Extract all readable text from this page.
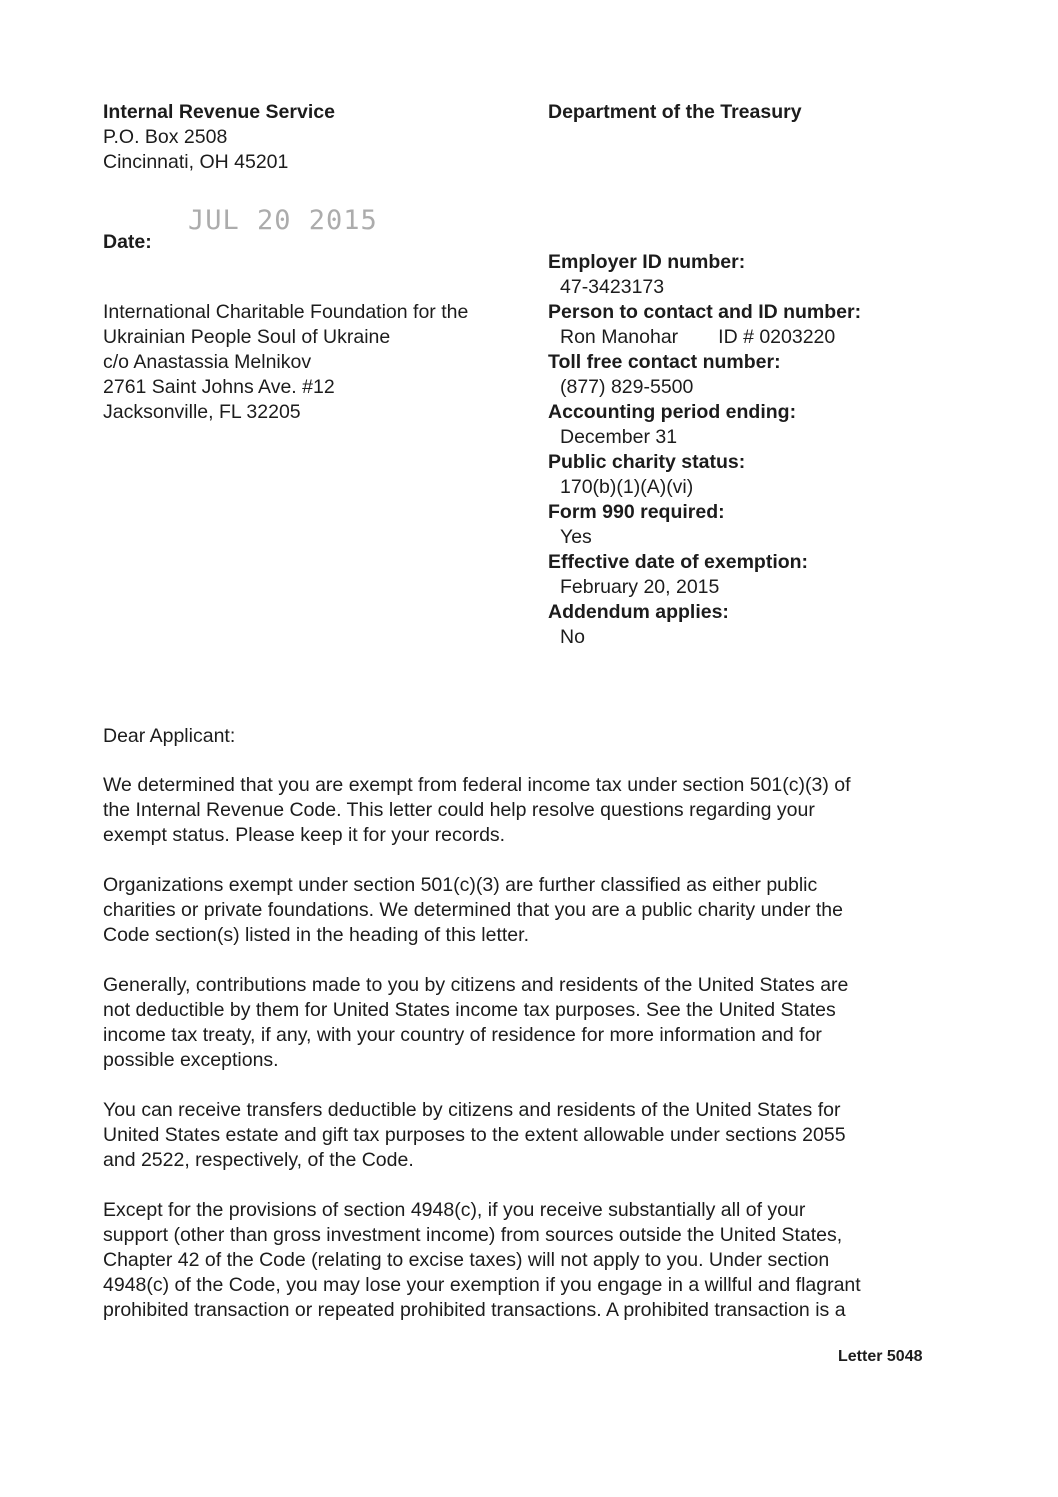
Internal Revenue Service
P.O. Box 2508
Cincinnati, OH 45201
Department of the Treasury
Date:
JUL 20 2015
International Charitable Foundation for the
Ukrainian People Soul of Ukraine
c/o Anastassia Melnikov
2761 Saint Johns Ave. #12
Jacksonville, FL 32205
Employer ID number:
47-3423173
Person to contact and ID number:
Ron Manohar ID # 0203220
Toll free contact number:
(877) 829-5500
Accounting period ending:
December 31
Public charity status:
170(b)(1)(A)(vi)
Form 990 required:
Yes
Effective date of exemption:
February 20, 2015
Addendum applies:
No
Dear Applicant:
We determined that you are exempt from federal income tax under section 501(c)(3) of
the Internal Revenue Code. This letter could help resolve questions regarding your
exempt status. Please keep it for your records.
Organizations exempt under section 501(c)(3) are further classified as either public
charities or private foundations. We determined that you are a public charity under the
Code section(s) listed in the heading of this letter.
Generally, contributions made to you by citizens and residents of the United States are
not deductible by them for United States income tax purposes. See the United States
income tax treaty, if any, with your country of residence for more information and for
possible exceptions.
You can receive transfers deductible by citizens and residents of the United States for
United States estate and gift tax purposes to the extent allowable under sections 2055
and 2522, respectively, of the Code.
Except for the provisions of section 4948(c), if you receive substantially all of your
support (other than gross investment income) from sources outside the United States,
Chapter 42 of the Code (relating to excise taxes) will not apply to you. Under section
4948(c) of the Code, you may lose your exemption if you engage in a willful and flagrant
prohibited transaction or repeated prohibited transactions. A prohibited transaction is a
Letter 5048
